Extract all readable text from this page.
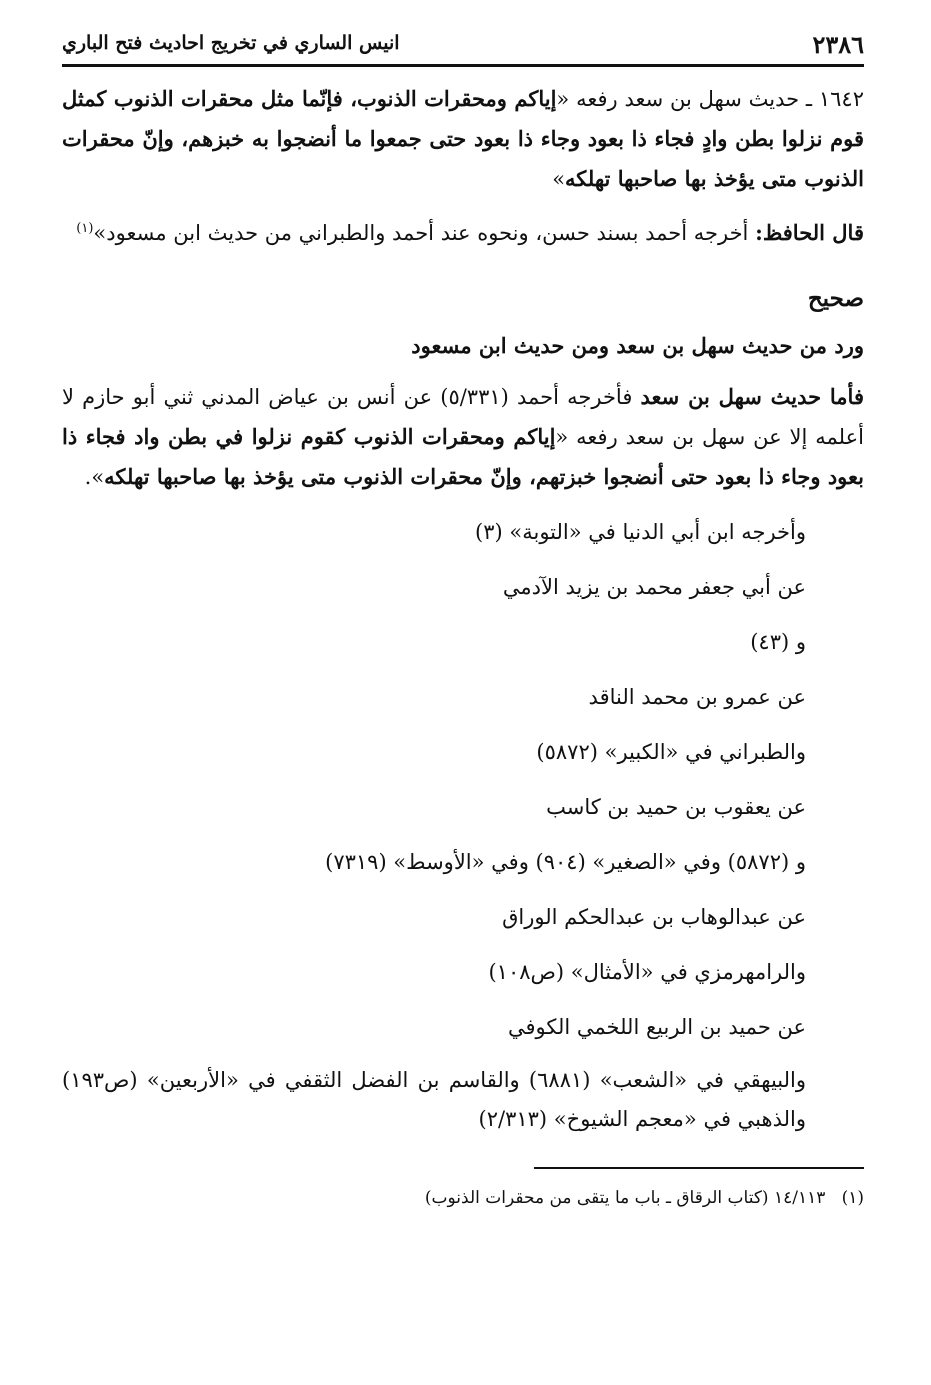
٢٣٨٦
انيس الساري في تخريج احاديث فتح الباري

١٦٤٢ ـ حديث سهل بن سعد رفعه «إياكم ومحقرات الذنوب، فإنّما مثل محقرات الذنوب كمثل قوم نزلوا بطن وادٍ فجاء ذا بعود وجاء ذا بعود حتى جمعوا ما أنضجوا به خبزهم، وإنّ محقرات الذنوب متى يؤخذ بها صاحبها تهلكه»

قال الحافظ: أخرجه أحمد بسند حسن، ونحوه عند أحمد والطبراني من حديث ابن مسعود»$^{(١)}$

صحيح

ورد من حديث سهل بن سعد ومن حديث ابن مسعود

فأما حديث سهل بن سعد فأخرجه أحمد (٥/٣٣١) عن أنس بن عياض المدني ثني أبو حازم لا أعلمه إلا عن سهل بن سعد رفعه «إياكم ومحقرات الذنوب كقوم نزلوا في بطن واد فجاء ذا بعود وجاء ذا بعود حتى أنضجوا خبزتهم، وإنّ محقرات الذنوب متى يؤخذ بها صاحبها تهلكه».

وأخرجه ابن أبي الدنيا في «التوبة» (٣)
عن أبي جعفر محمد بن يزيد الآدمي
و (٤٣)
عن عمرو بن محمد الناقد
والطبراني في «الكبير» (٥٨٧٢)
عن يعقوب بن حميد بن كاسب
و (٥٨٧٢) وفي «الصغير» (٩٠٤) وفي «الأوسط» (٧٣١٩)
عن عبدالوهاب بن عبدالحكم الوراق
والرامهرمزي في «الأمثال» (ص١٠٨)
عن حميد بن الربيع اللخمي الكوفي

والبيهقي في «الشعب» (٦٨٨١) والقاسم بن الفضل الثقفي في «الأربعين» (ص١٩٣) والذهبي في «معجم الشيوخ» (٢/٣١٣)

(١)   ١٤/١١٣ (كتاب الرقاق ـ باب ما يتقى من محقرات الذنوب)
